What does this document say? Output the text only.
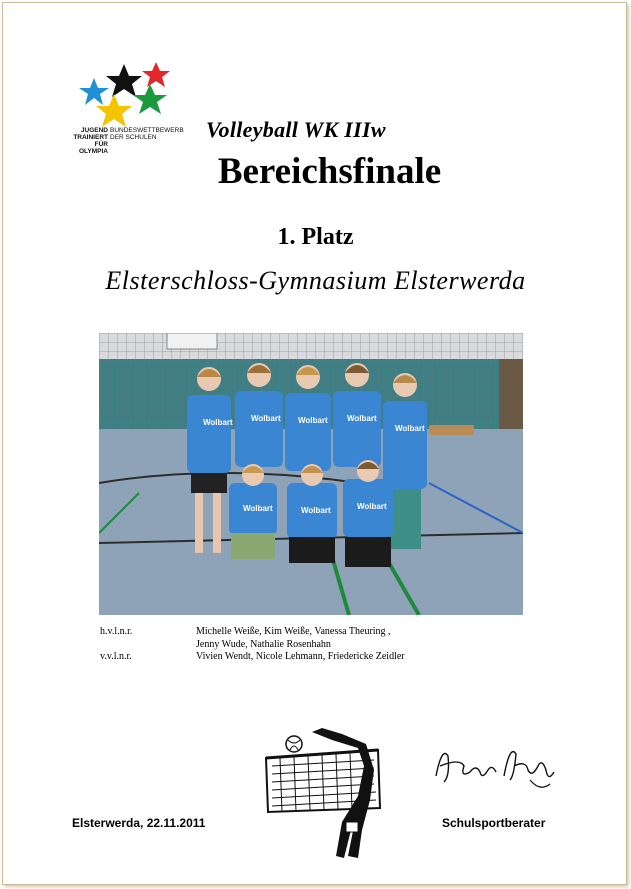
JUGEND
TRAINIERT
FÜR
OLYMPIA
BUNDESWETTBEWERB
DER SCHULEN	Volleyball WK IIIw
Bereichsfinale
1. Platz
Elsterschloss-Gymnasium Elsterwerda
Wolbart Wolbart Wolbart Wolbart
Wolbart
Wolbart	Wolbart	Wolbart
h.v.l.n.r.	Michelle Weiße, Kim Weiße, Vanessa Theuring ,
Jenny Wude, Nathalie Rosenhahn
v.v.l.n.r.	Vivien Wendt, Nicole Lehmann, Friedericke Zeidler
Elsterwerda, 22.11.2011	Schulsportberater
